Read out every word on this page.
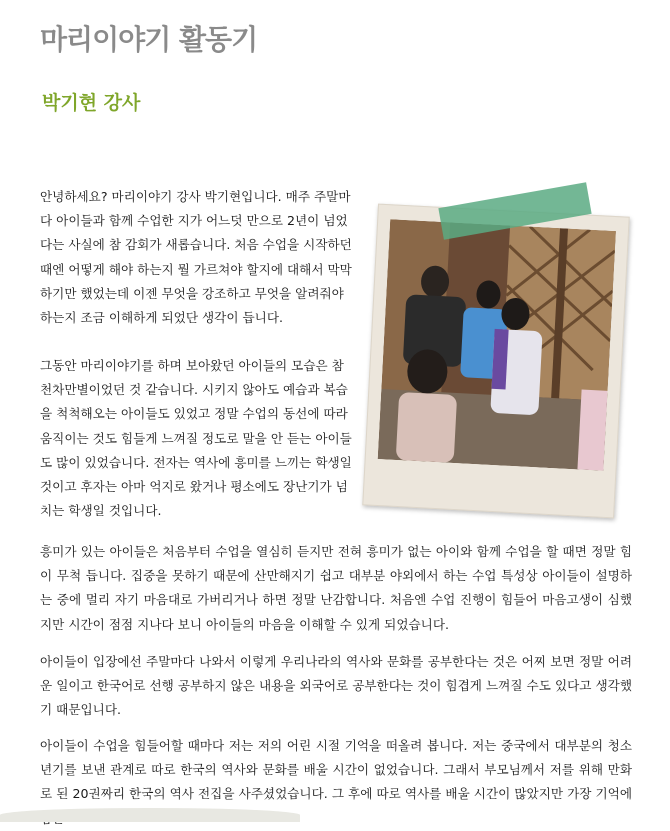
마리이야기 활동기
박기현 강사

안녕하세요? 마리이야기 강사 박기현입니다. 매주 주말마다 아이들과 함께 수업한 지가 어느덧 만으로 2년이 넘었다는 사실에 참 감회가 새롭습니다. 처음 수업을 시작하던 때엔 어떻게 해야 하는지 뭘 가르쳐야 할지에 대해서 막막하기만 했었는데 이젠 무엇을 강조하고 무엇을 알려줘야 하는지 조금 이해하게 되었단 생각이 듭니다.

그동안 마리이야기를 하며 보아왔던 아이들의 모습은 참 천차만별이었던 것 같습니다. 시키지 않아도 예습과 복습을 척척해오는 아이들도 있었고 정말 수업의 동선에 따라 움직이는 것도 힘들게 느껴질 정도로 말을 안 듣는 아이들도 많이 있었습니다. 전자는 역사에 흥미를 느끼는 학생일 것이고 후자는 아마 억지로 왔거나 평소에도 장난기가 넘치는 학생일 것입니다.

흥미가 있는 아이들은 처음부터 수업을 열심히 듣지만 전혀 흥미가 없는 아이와 함께 수업을 할 때면 정말 힘이 무척 듭니다. 집중을 못하기 때문에 산만해지기 쉽고 대부분 야외에서 하는 수업 특성상 아이들이 설명하는 중에 멀리 자기 마음대로 가버리거나 하면 정말 난감합니다. 처음엔 수업 진행이 힘들어 마음고생이 심했지만 시간이 점점 지나다 보니 아이들의 마음을 이해할 수 있게 되었습니다.

아이들이 입장에선 주말마다 나와서 이렇게 우리나라의 역사와 문화를 공부한다는 것은 어찌 보면 정말 어려운 일이고 한국어로 선행 공부하지 않은 내용을 외국어로 공부한다는 것이 힘겹게 느껴질 수도 있다고 생각했기 때문입니다.

아이들이 수업을 힘들어할 때마다 저는 저의 어린 시절 기억을 떠올려 봅니다. 저는 중국에서 대부분의 청소년기를 보낸 관계로 따로 한국의 역사와 문화를 배울 시간이 없었습니다. 그래서 부모님께서 저를 위해 만화로 된 20권짜리 한국의 역사 전집을 사주셨었습니다. 그 후에 따로 역사를 배울 시간이 많았지만 가장 기억에
